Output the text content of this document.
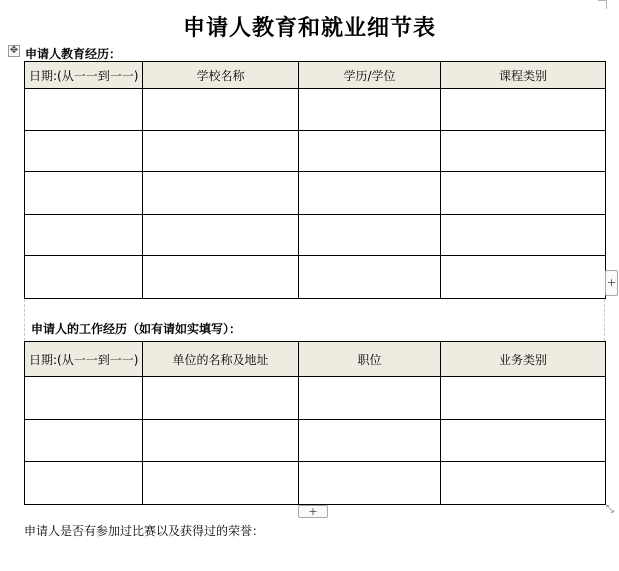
申请人教育和就业细节表
✥ 申请人教育经历：
日期:(从一一到一一)	学校名称	学历/学位	课程类别

申请人的工作经历（如有请如实填写）：
日期:(从一一到一一)	单位的名称及地址	职位	业务类别

+
+	⤡
申请人是否有参加过比赛以及获得过的荣誉：
